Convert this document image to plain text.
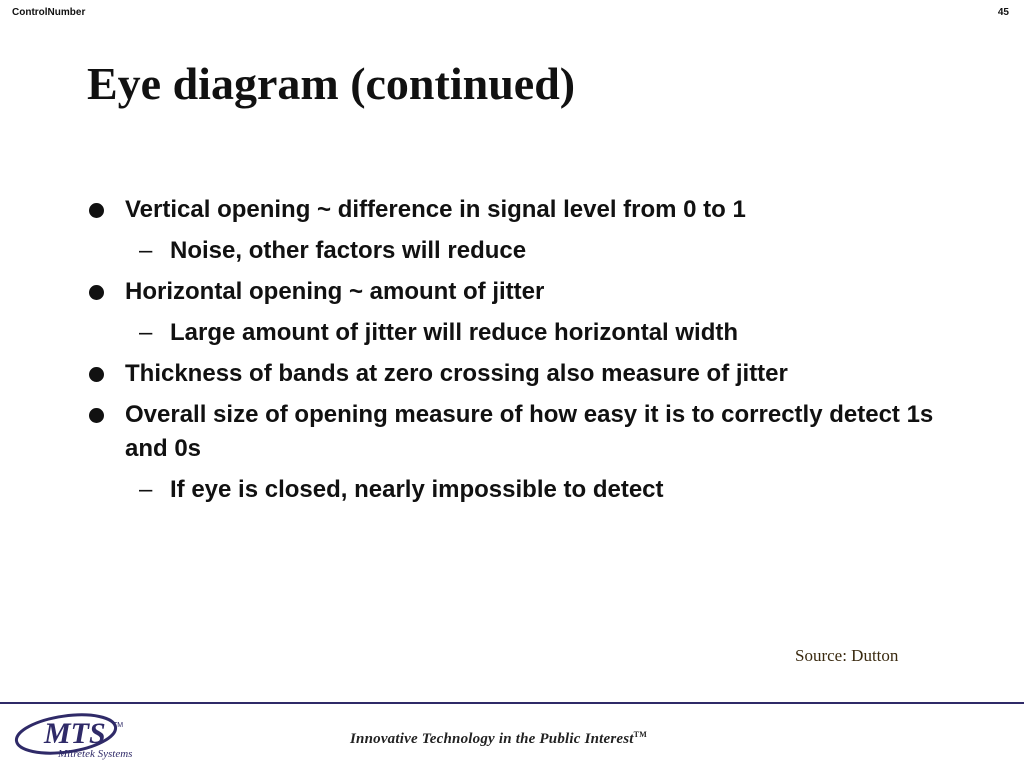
ControlNumber	45
Eye diagram (continued)
Vertical opening ~ difference in signal level from 0 to 1
– Noise, other factors will reduce
Horizontal opening ~ amount of jitter
– Large amount of jitter will reduce horizontal width
Thickness of bands at zero crossing also measure of jitter
Overall size of opening measure of how easy it is to correctly detect 1s and 0s
– If eye is closed, nearly impossible to detect
Source: Dutton
MTS TM
Mitretek Systems
Innovative Technology in the Public Interest™
